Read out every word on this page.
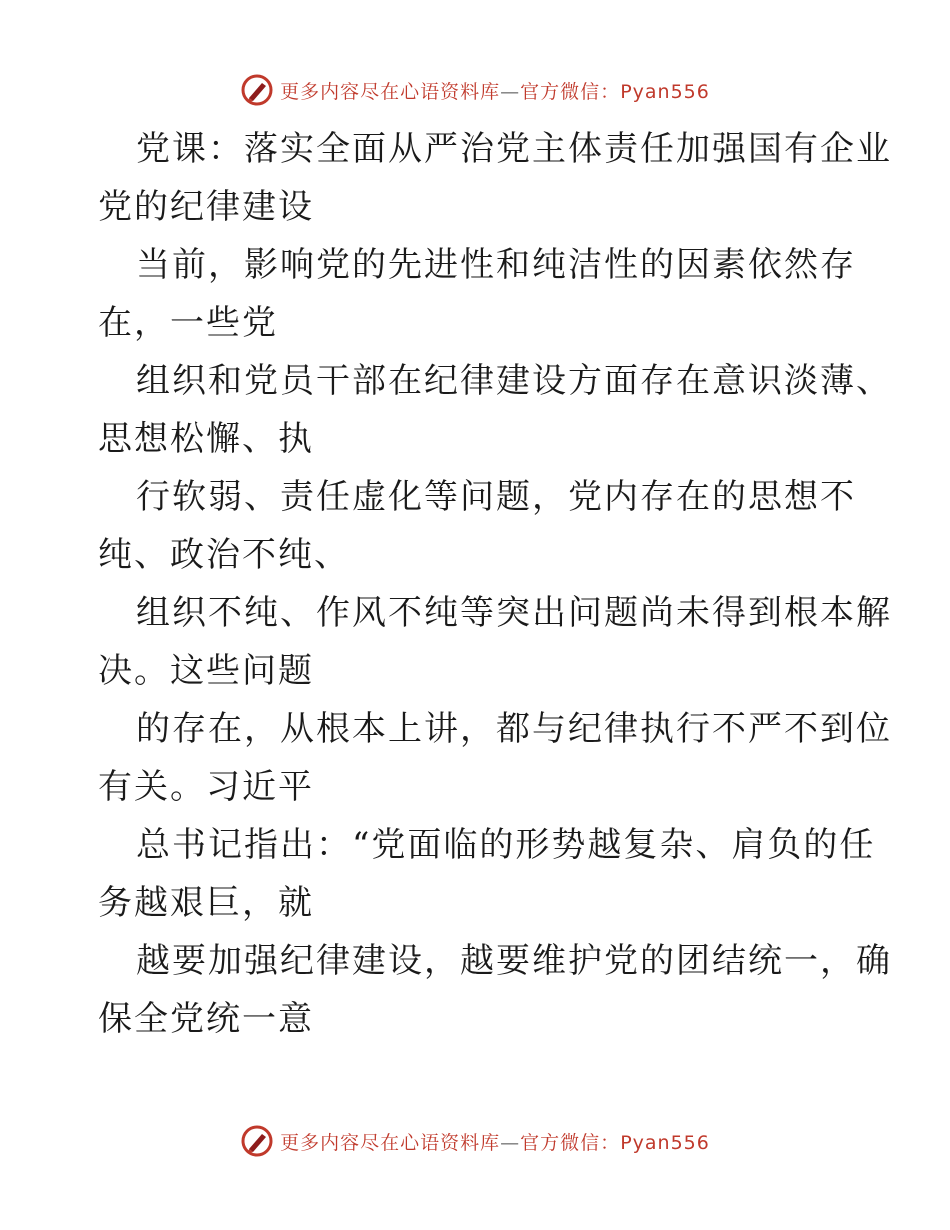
更多内容尽在心语资料库—官方微信：Pyan556
党课：落实全面从严治党主体责任加强国有企业
党的纪律建设
当前，影响党的先进性和纯洁性的因素依然存
在，一些党
组织和党员干部在纪律建设方面存在意识淡薄、
思想松懈、执
行软弱、责任虚化等问题，党内存在的思想不
纯、政治不纯、
组织不纯、作风不纯等突出问题尚未得到根本解
决。这些问题
的存在，从根本上讲，都与纪律执行不严不到位
有关。习近平
总书记指出：“党面临的形势越复杂、肩负的任
务越艰巨，就
越要加强纪律建设，越要维护党的团结统一，确
保全党统一意
更多内容尽在心语资料库—官方微信：Pyan556
